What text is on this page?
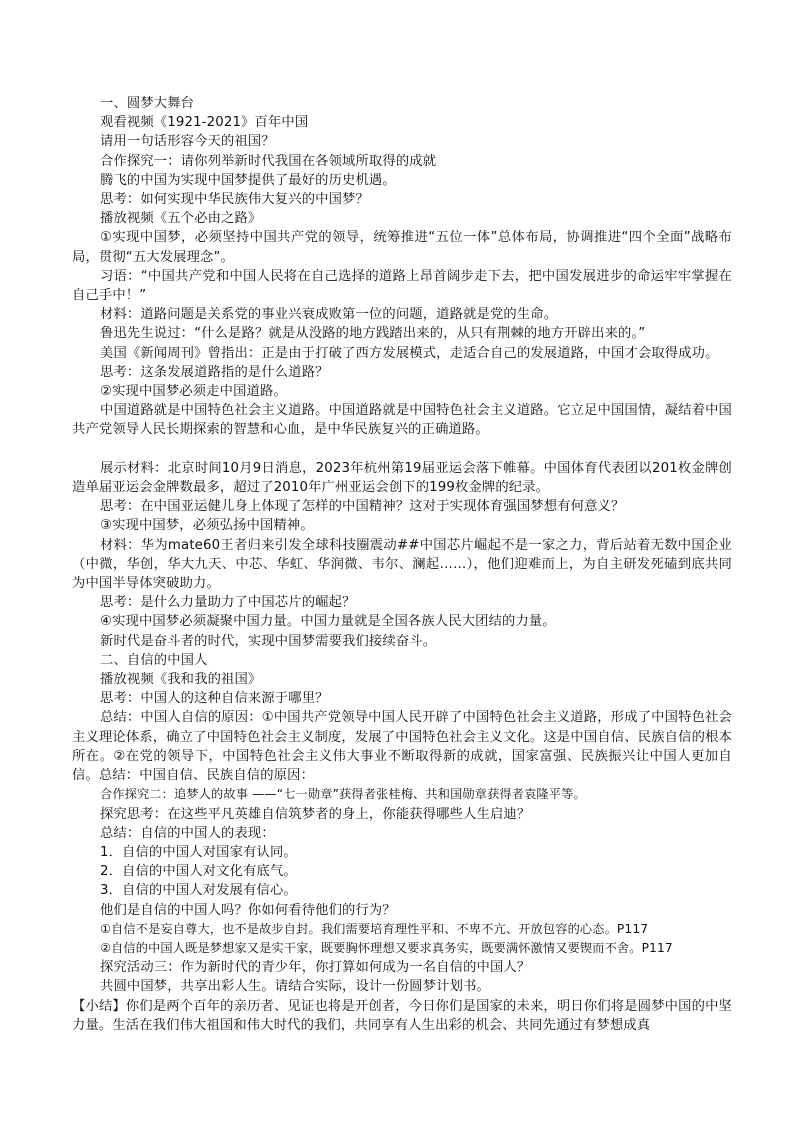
一、圆梦大舞台

观看视频《1921-2021》百年中国

请用一句话形容今天的祖国？

合作探究一：请你列举新时代我国在各领域所取得的成就

腾飞的中国为实现中国梦提供了最好的历史机遇。

思考：如何实现中华民族伟大复兴的中国梦？

播放视频《五个必由之路》

①实现中国梦，必须坚持中国共产党的领导，统筹推进“五位一体”总体布局，协调推进“四个全面”战略布局，贯彻“五大发展理念”。

习语：“中国共产党和中国人民将在自己选择的道路上昂首阔步走下去，把中国发展进步的命运牢牢掌握在自己手中！”

材料：道路问题是关系党的事业兴衰成败第一位的问题，道路就是党的生命。

鲁迅先生说过：“什么是路？就是从没路的地方践踏出来的，从只有荆棘的地方开辟出来的。”

美国《新闻周刊》曾指出：正是由于打破了西方发展模式，走适合自己的发展道路，中国才会取得成功。

思考：这条发展道路指的是什么道路？

②实现中国梦必须走中国道路。

中国道路就是中国特色社会主义道路。中国道路就是中国特色社会主义道路。它立足中国国情，凝结着中国共产党领导人民长期探索的智慧和心血，是中华民族复兴的正确道路。

展示材料：北京时间10月9日消息，2023年杭州第19届亚运会落下帷幕。中国体育代表团以201枚金牌创造单届亚运会金牌数最多，超过了2010年广州亚运会创下的199枚金牌的纪录。

思考：在中国亚运健儿身上体现了怎样的中国精神？这对于实现体育强国梦想有何意义？

③实现中国梦，必须弘扬中国精神。

材料：华为mate60王者归来引发全球科技圈震动##中国芯片崛起不是一家之力，背后站着无数中国企业（中微，华创，华大九天、中芯、华虹、华润微、韦尔、澜起……），他们迎难而上，为自主研发死磕到底共同为中国半导体突破助力。

思考：是什么力量助力了中国芯片的崛起？

④实现中国梦必须凝聚中国力量。中国力量就是全国各族人民大团结的力量。

新时代是奋斗者的时代，实现中国梦需要我们接续奋斗。

二、自信的中国人

播放视频《我和我的祖国》

思考：中国人的这种自信来源于哪里？

总结：中国人自信的原因：①中国共产党领导中国人民开辟了中国特色社会主义道路，形成了中国特色社会主义理论体系，确立了中国特色社会主义制度，发展了中国特色社会主义文化。这是中国自信、民族自信的根本所在。②在党的领导下，中国特色社会主义伟大事业不断取得新的成就，国家富强、民族振兴让中国人更加自信。总结：中国自信、民族自信的原因：

合作探究二：追梦人的故事 ——“七一勋章”获得者张桂梅、共和国勋章获得者袁隆平等。

探究思考：在这些平凡英雄自信筑梦者的身上，你能获得哪些人生启迪？

总结：自信的中国人的表现：

1．自信的中国人对国家有认同。

2．自信的中国人对文化有底气。

3．自信的中国人对发展有信心。

他们是自信的中国人吗？你如何看待他们的行为？

①自信不是妄自尊大，也不是故步自封。我们需要培育理性平和、不卑不亢、开放包容的心态。P117

②自信的中国人既是梦想家又是实干家，既要胸怀理想又要求真务实，既要满怀激情又要锲而不舍。P117

探究活动三：作为新时代的青少年，你打算如何成为一名自信的中国人？

共圆中国梦，共享出彩人生。请结合实际，设计一份圆梦计划书。

【小结】你们是两个百年的亲历者、见证也将是开创者，今日你们是国家的未来，明日你们将是圆梦中国的中坚力量。生活在我们伟大祖国和伟大时代的我们，共同享有人生出彩的机会、共同先通过有梦想成真
